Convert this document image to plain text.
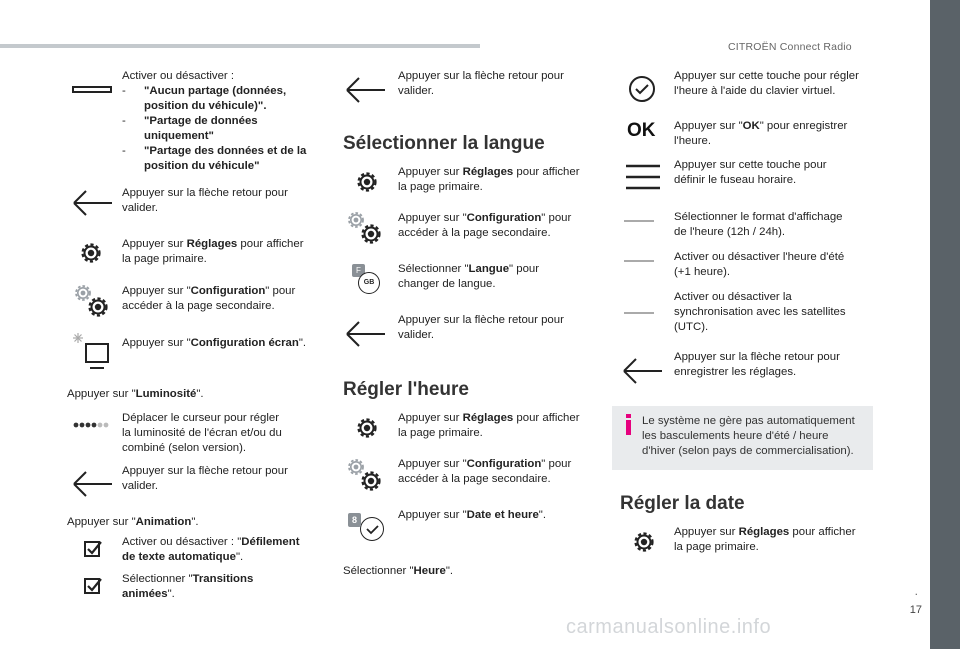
CITROËN Connect Radio
Activer ou désactiver :
- "Aucun partage (données,
position du véhicule)".
- "Partage de données
uniquement"
- "Partage des données et de la
position du véhicule"
Appuyer sur la flèche retour pour
valider.
Appuyer sur Réglages pour afficher
la page primaire.
Appuyer sur "Configuration" pour
accéder à la page secondaire.
Appuyer sur "Configuration écran".
Appuyer sur "Luminosité".
Déplacer le curseur pour régler
la luminosité de l'écran et/ou du
combiné (selon version).
Appuyer sur la flèche retour pour
valider.
Appuyer sur "Animation".
Activer ou désactiver : "Défilement
de texte automatique".
Sélectionner "Transitions
animées".
Appuyer sur la flèche retour pour
valider.
Sélectionner la langue
Appuyer sur Réglages pour afficher
la page primaire.
Appuyer sur "Configuration" pour
accéder à la page secondaire.
F
GB
Sélectionner "Langue" pour
changer de langue.
Appuyer sur la flèche retour pour
valider.
Régler l'heure
Appuyer sur Réglages pour afficher
la page primaire.
Appuyer sur "Configuration" pour
accéder à la page secondaire.
8	Appuyer sur "Date et heure".
Sélectionner "Heure".
Appuyer sur cette touche pour régler
l'heure à l'aide du clavier virtuel.
OK Appuyer sur "OK" pour enregistrer
l'heure.
Appuyer sur cette touche pour
définir le fuseau horaire.
Sélectionner le format d'affichage
de l'heure (12h / 24h).
Activer ou désactiver l'heure d'été
(+1 heure).
Activer ou désactiver la
synchronisation avec les satellites
(UTC).
Appuyer sur la flèche retour pour
enregistrer les réglages.
Le système ne gère pas automatiquement
les basculements heure d'été / heure
d'hiver (selon pays de commercialisation).
Régler la date
Appuyer sur Réglages pour afficher
la page primaire.
.
17
carmanualsonline.info
